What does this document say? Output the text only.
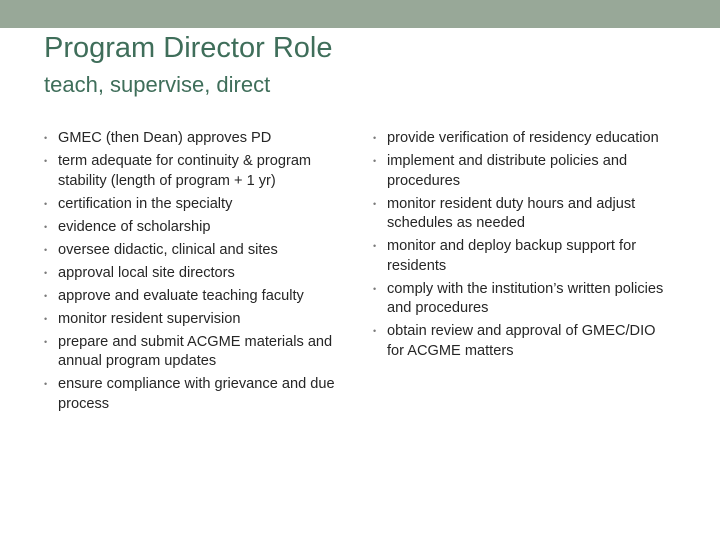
Program Director Role
teach, supervise, direct
• GMEC (then Dean) approves PD
• term adequate for continuity & program stability (length of program + 1 yr)
• certification in the specialty
• evidence of scholarship
• oversee didactic, clinical and sites
• approval local site directors
• approve and evaluate teaching faculty
• monitor resident supervision
• prepare and submit ACGME materials and annual program updates
• ensure compliance with grievance and due process
• provide verification of residency education
• implement and distribute policies and procedures
• monitor resident duty hours and adjust schedules as needed
• monitor and deploy backup support for residents
• comply with the institution’s written policies and procedures
• obtain review and approval of GMEC/DIO for ACGME matters
